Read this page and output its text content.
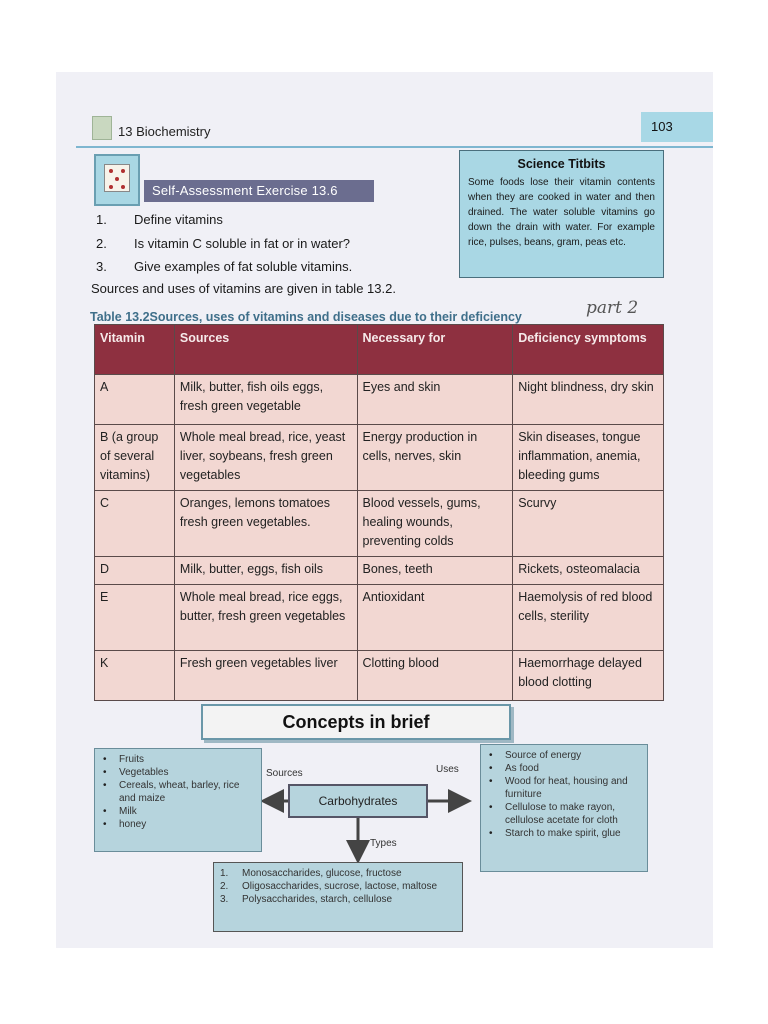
13 Biochemistry	103
Self-Assessment Exercise 13.6
1. Define vitamins
2. Is vitamin C soluble in fat or in water?
3. Give examples of fat soluble vitamins.
Sources and uses of vitamins are given in table 13.2.
Science Titbits
Some foods lose their vitamin contents when they are cooked in water and then drained. The water soluble vitamins go down the drain with water. For example rice, pulses, beans, gram, peas etc.
Table 13.2Sources, uses of vitamins and diseases due to their deficiency	part 2
Vitamin	Sources	Necessary for	Deficiency symptoms
A	Milk, butter, fish oils eggs, fresh green vegetable	Eyes and skin	Night blindness, dry skin
B (a group of several vitamins)	Whole meal bread, rice, yeast liver, soybeans, fresh green vegetables	Energy production in cells, nerves, skin	Skin diseases, tongue inflammation, anemia, bleeding gums
C	Oranges, lemons tomatoes fresh green vegetables.	Blood vessels, gums, healing wounds, preventing colds	Scurvy
D	Milk, butter, eggs, fish oils	Bones, teeth	Rickets, osteomalacia
E	Whole meal bread, rice eggs, butter, fresh green vegetables	Antioxidant	Haemolysis of red blood cells, sterility
K	Fresh green vegetables liver	Clotting blood	Haemorrhage delayed blood clotting
Concepts in brief
• Fruits
• Vegetables
• Cereals, wheat, barley, rice and maize
• Milk
• honey
Sources	Uses
Types
Carbohydrates
• Source of energy
• As food
• Wood for heat, housing and furniture
• Cellulose to make rayon, cellulose acetate for cloth
• Starch to make spirit, glue
1. Monosaccharides, glucose, fructose
2. Oligosaccharides, sucrose, lactose, maltose
3. Polysaccharides, starch, cellulose
